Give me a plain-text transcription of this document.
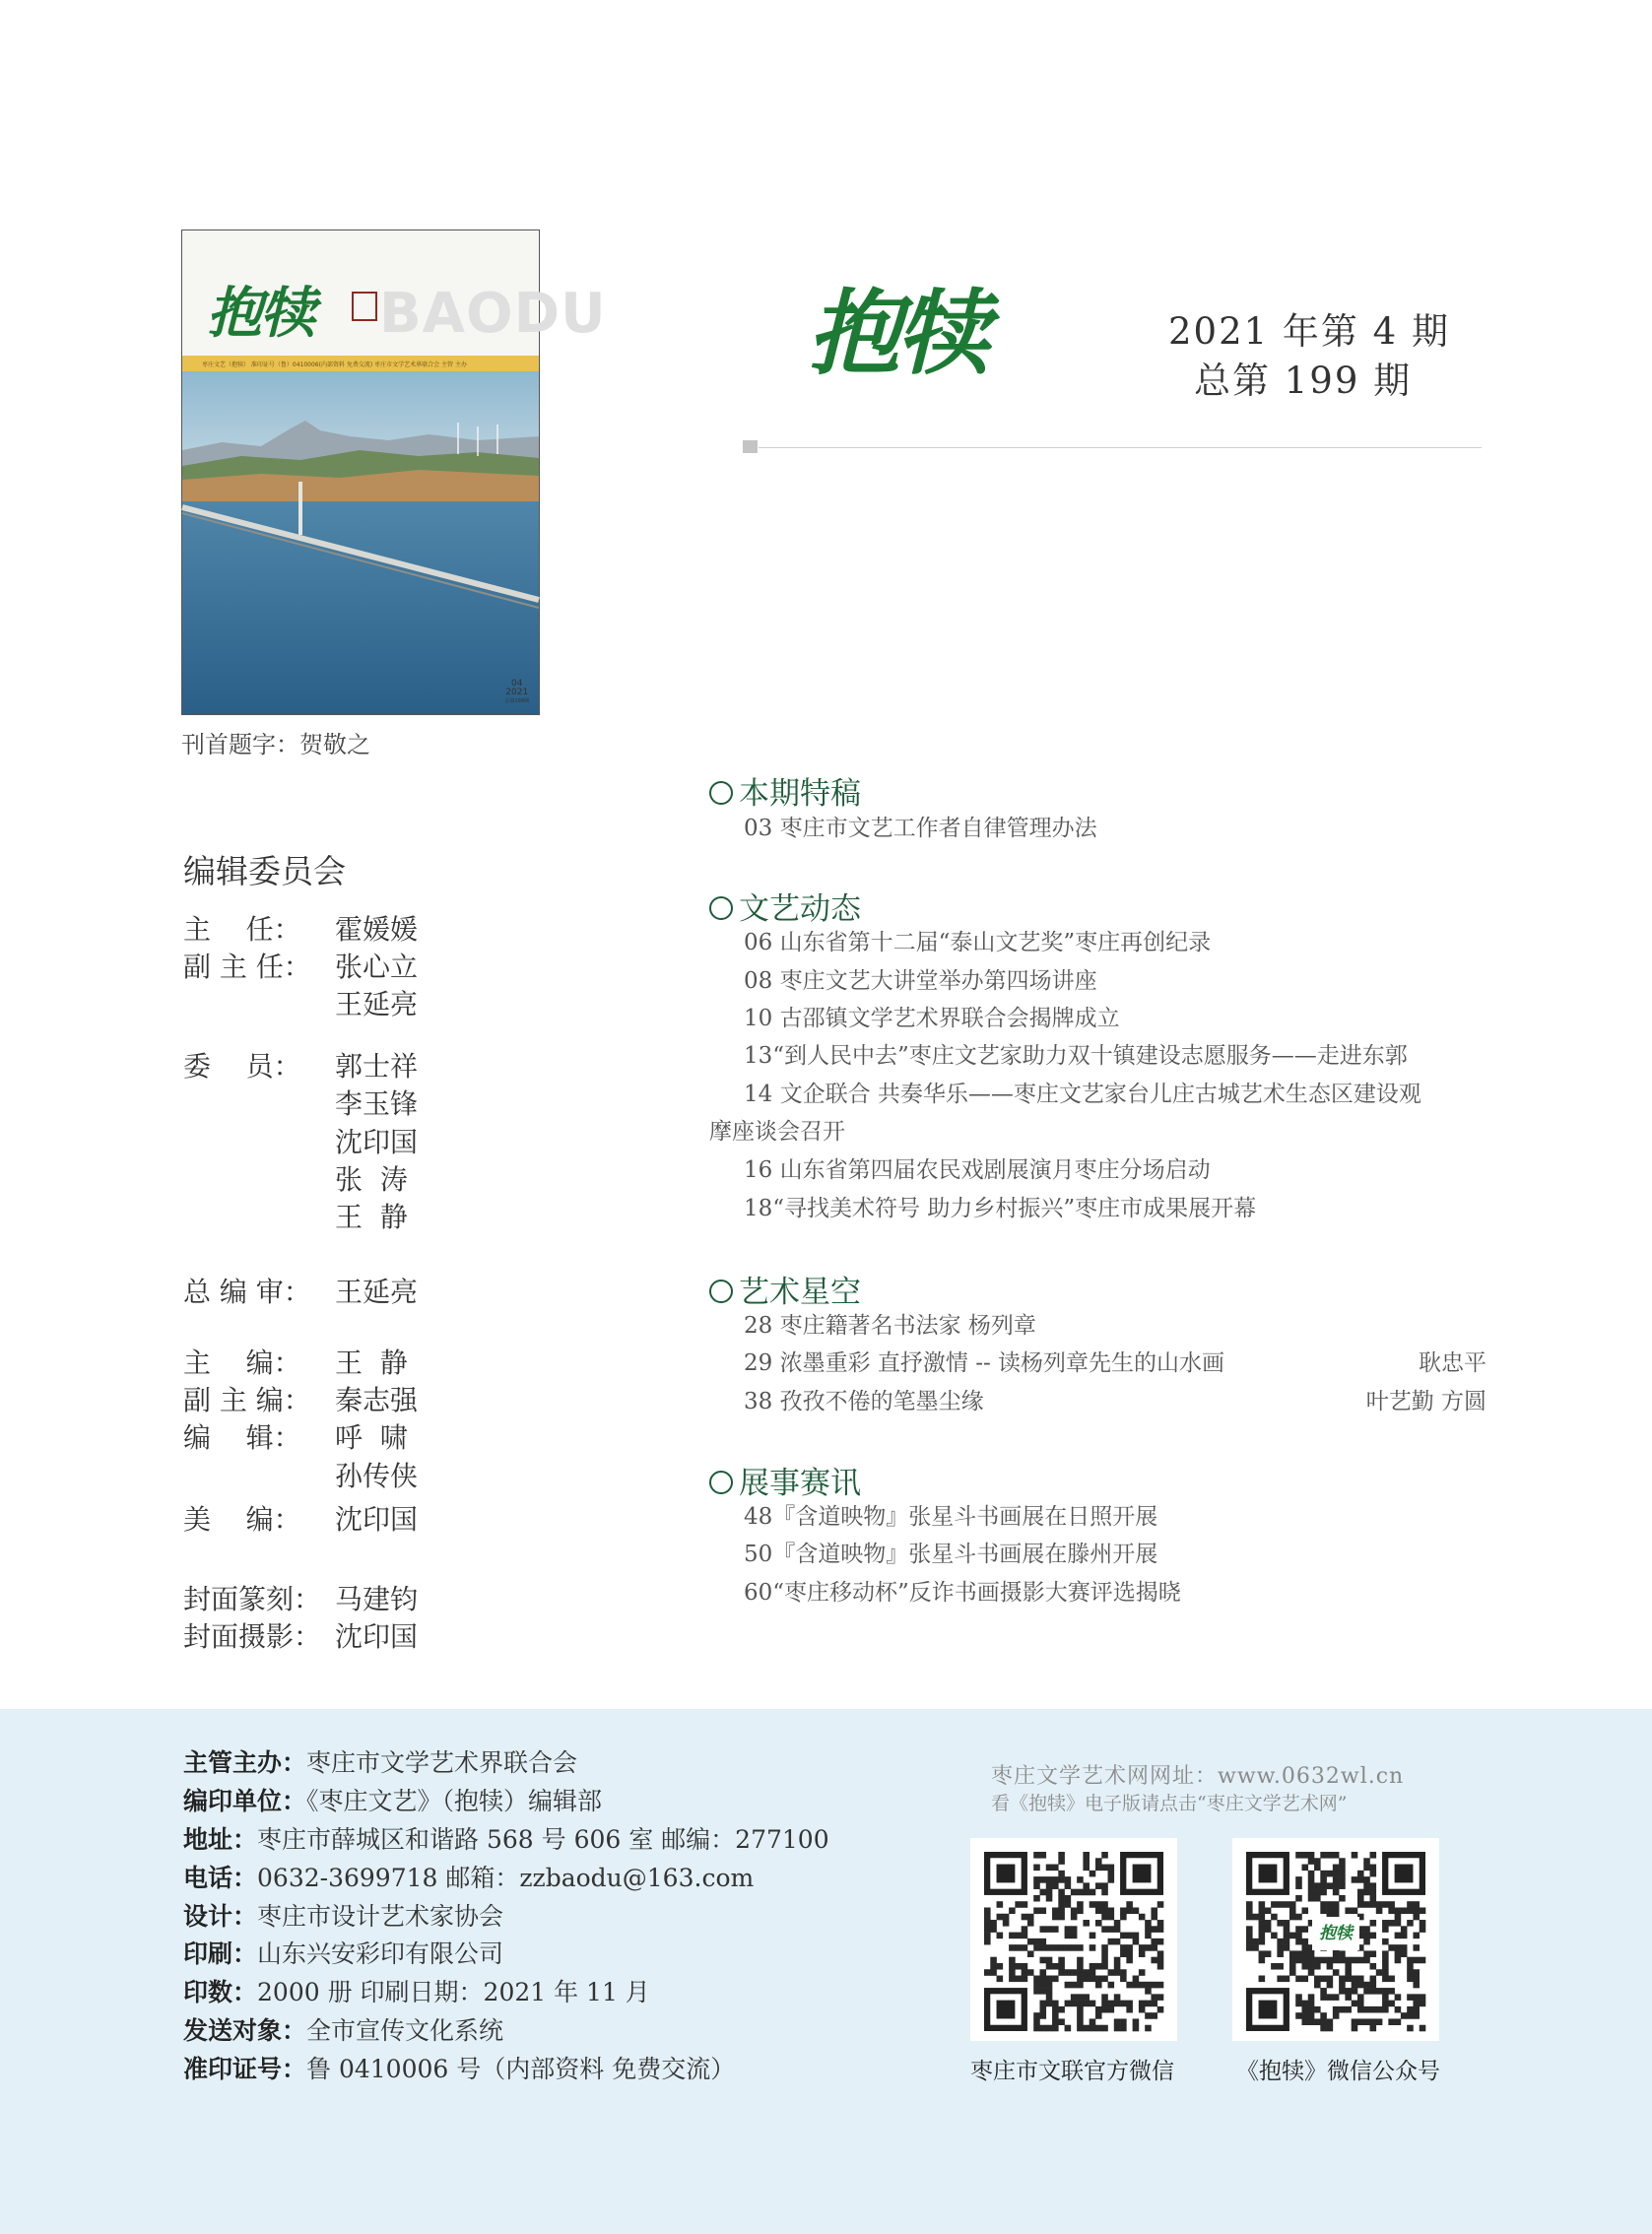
抱犊 BAODU
枣庄文艺（抱犊） 准印证号（鲁）0410006(内部资料 免费交流) 枣庄市文学艺术界联合会 主管 主办
04
2021
总第199期
刊首题字：贺敬之
抱犊	2021 年第 4 期
总第 199 期
编辑委员会
主    任： 霍媛媛
副 主 任： 张心立
王延亮
委    员： 郭士祥
李玉锋
沈印国
张  涛
王  静
总 编 审： 王延亮
主    编： 王  静
副 主 编： 秦志强
编    辑： 呼  啸
孙传侠
美    编： 沈印国
封面篆刻： 马建钧
封面摄影： 沈印国
本期特稿
03 枣庄市文艺工作者自律管理办法
文艺动态
06 山东省第十二届“泰山文艺奖”枣庄再创纪录
08 枣庄文艺大讲堂举办第四场讲座
10 古邵镇文学艺术界联合会揭牌成立
13“到人民中去”枣庄文艺家助力双十镇建设志愿服务——走进东郭
14 文企联合 共奏华乐——枣庄文艺家台儿庄古城艺术生态区建设观
摩座谈会召开
16 山东省第四届农民戏剧展演月枣庄分场启动
18“寻找美术符号 助力乡村振兴”枣庄市成果展开幕
艺术星空
28 枣庄籍著名书法家 杨列章
29 浓墨重彩 直抒激情 -- 读杨列章先生的山水画	耿忠平
38 孜孜不倦的笔墨尘缘	叶艺勤 方圆
展事赛讯
48『含道映物』张星斗书画展在日照开展
50『含道映物』张星斗书画展在滕州开展
60“枣庄移动杯”反诈书画摄影大赛评选揭晓
主管主办：枣庄市文学艺术界联合会
编印单位：《枣庄文艺》（抱犊）编辑部
地址：枣庄市薛城区和谐路 568 号 606 室 邮编：277100
电话：0632-3699718 邮箱：zzbaodu@163.com
设计：枣庄市设计艺术家协会
印刷：山东兴安彩印有限公司
印数：2000 册 印刷日期：2021 年 11 月
发送对象：全市宣传文化系统
准印证号：鲁 0410006 号（内部资料 免费交流）
枣庄文学艺术网网址：www.0632wl.cn
看《抱犊》电子版请点击“枣庄文学艺术网”
抱犊
枣庄市文联官方微信	《抱犊》微信公众号
